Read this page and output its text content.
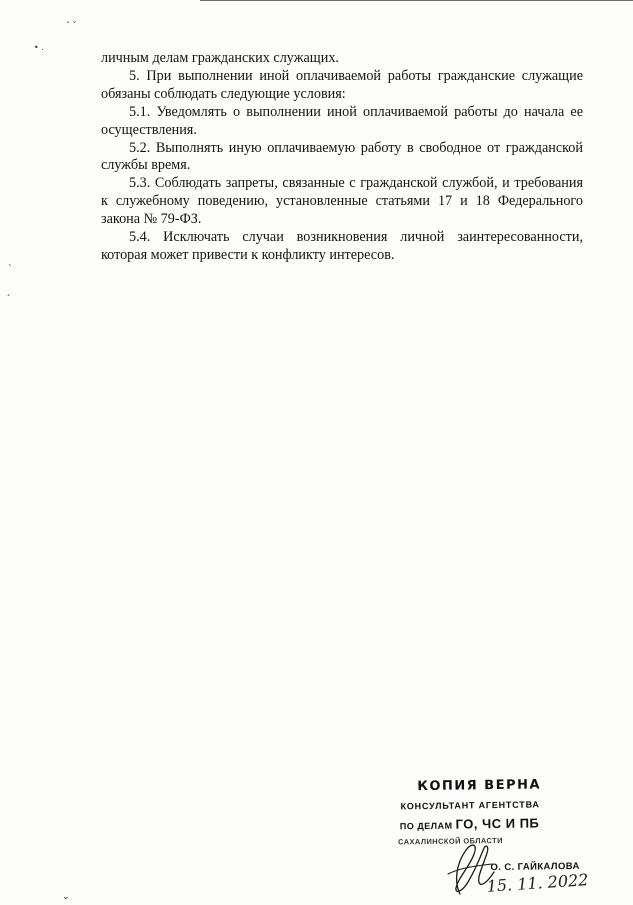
• .
ˇ ˇ
ˎ
ˏ
⌄

личным делам гражданских служащих.

5. При выполнении иной оплачиваемой работы гражданские служащие обязаны соблюдать следующие условия:

5.1. Уведомлять о выполнении иной оплачиваемой работы до начала ее осуществления.

5.2. Выполнять иную оплачиваемую работу в свободное от гражданской службы время.

5.3. Соблюдать запреты, связанные с гражданской службой, и требования к служебному поведению, установленные статьями 17 и 18 Федерального закона № 79-ФЗ.

5.4. Исключать случаи возникновения личной заинтересованности, которая может привести к конфликту интересов.

КОПИЯ ВЕРНА
КОНСУЛЬТАНТ АГЕНТСТВА
ПО ДЕЛАМ ГО, ЧС И ПБ
САХАЛИНСКОЙ ОБЛАСТИ
О. С. ГАЙКАЛОВА
15. 11. 2022
